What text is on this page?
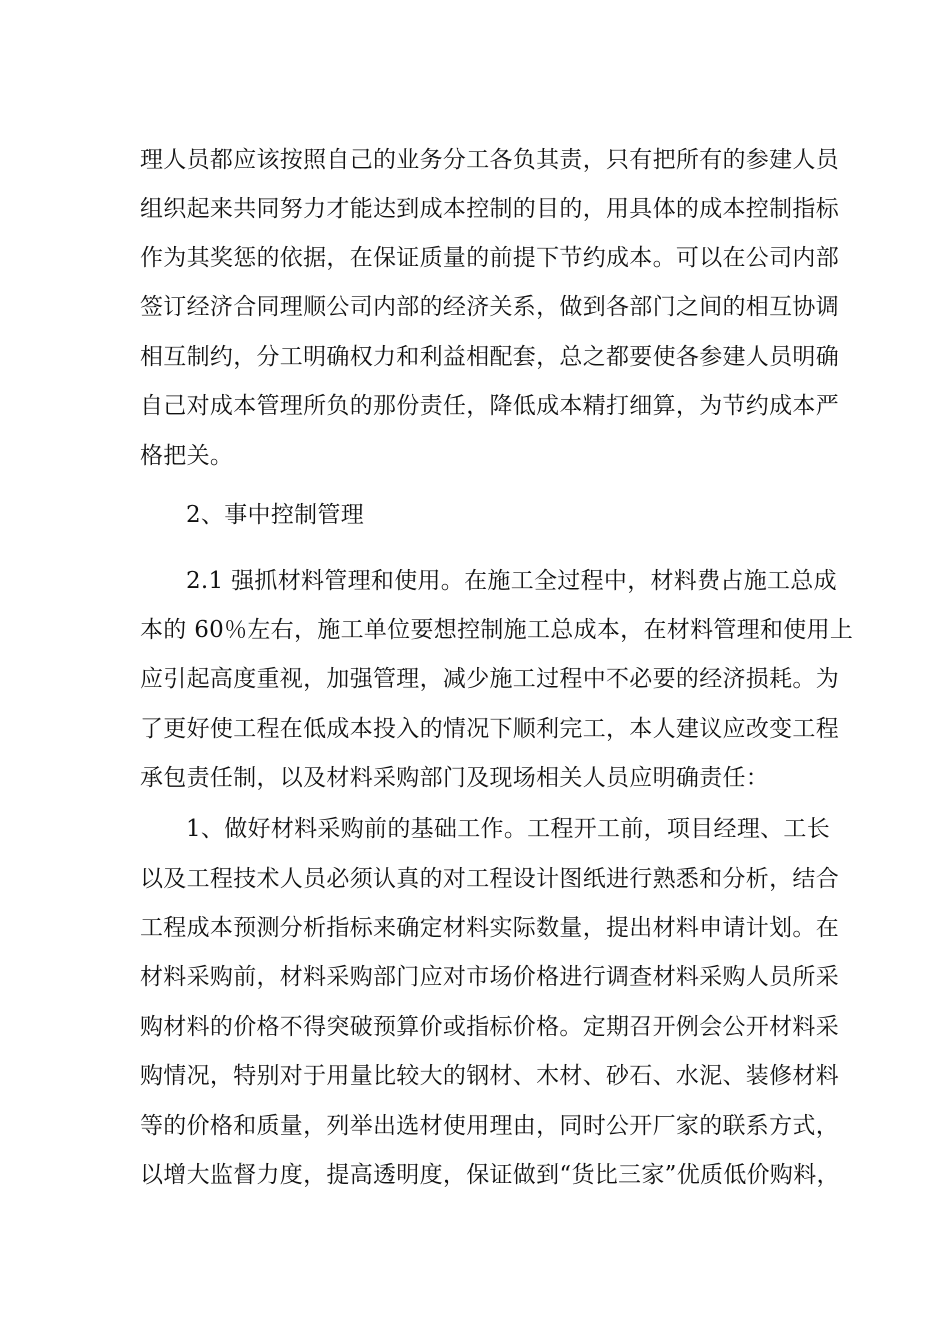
理人员都应该按照自己的业务分工各负其责，只有把所有的参建人员
组织起来共同努力才能达到成本控制的目的，用具体的成本控制指标
作为其奖惩的依据，在保证质量的前提下节约成本。可以在公司内部
签订经济合同理顺公司内部的经济关系，做到各部门之间的相互协调
相互制约，分工明确权力和利益相配套，总之都要使各参建人员明确
自己对成本管理所负的那份责任，降低成本精打细算，为节约成本严
格把关。
2、事中控制管理
2.1 强抓材料管理和使用。在施工全过程中，材料费占施工总成
本的 60％左右，施工单位要想控制施工总成本，在材料管理和使用上
应引起高度重视，加强管理，减少施工过程中不必要的经济损耗。为
了更好使工程在低成本投入的情况下顺利完工，本人建议应改变工程
承包责任制，以及材料采购部门及现场相关人员应明确责任：
1、做好材料采购前的基础工作。工程开工前，项目经理、工长
以及工程技术人员必须认真的对工程设计图纸进行熟悉和分析，结合
工程成本预测分析指标来确定材料实际数量，提出材料申请计划。在
材料采购前，材料采购部门应对市场价格进行调查材料采购人员所采
购材料的价格不得突破预算价或指标价格。定期召开例会公开材料采
购情况，特别对于用量比较大的钢材、木材、砂石、水泥、装修材料
等的价格和质量，列举出选材使用理由，同时公开厂家的联系方式，
以增大监督力度，提高透明度，保证做到“货比三家”优质低价购料，
